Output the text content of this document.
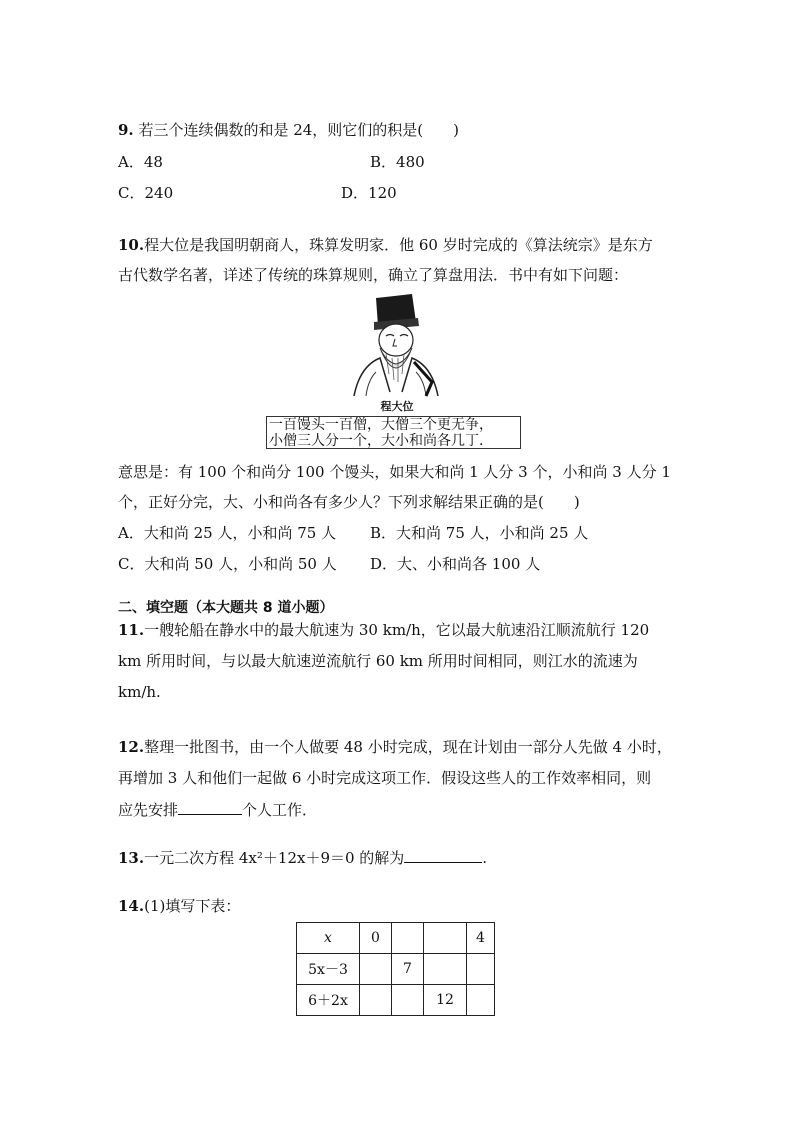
9. 若三个连续偶数的和是 24，则它们的积是(　　)
A．48	B．480
C．240	D．120
10.程大位是我国明朝商人，珠算发明家．他 60 岁时完成的《算法统宗》是东方
古代数学名著，详述了传统的珠算规则，确立了算盘用法．书中有如下问题：
程大位
一百馒头一百僧，大僧三个更无争，
小僧三人分一个，大小和尚各几丁.
意思是：有 100 个和尚分 100 个馒头，如果大和尚 1 人分 3 个，小和尚 3 人分 1
个，正好分完，大、小和尚各有多少人？下列求解结果正确的是(　　)
A．大和尚 25 人，小和尚 75 人 B．大和尚 75 人，小和尚 25 人
C．大和尚 50 人，小和尚 50 人 D．大、小和尚各 100 人
二、填空题（本大题共 8 道小题）
11.一艘轮船在静水中的最大航速为 30 km/h，它以最大航速沿江顺流航行 120
km 所用时间，与以最大航速逆流航行 60 km 所用时间相同，则江水的流速为
km/h.
12.整理一批图书，由一个人做要 48 小时完成，现在计划由一部分人先做 4 小时，
再增加 3 人和他们一起做 6 小时完成这项工作．假设这些人的工作效率相同，则
应先安排	个人工作．
13.一元二次方程 4x²＋12x＋9＝0 的解为	.
14.(1)填写下表：
x	0			4
5x－3		7		
6＋2x			12	
